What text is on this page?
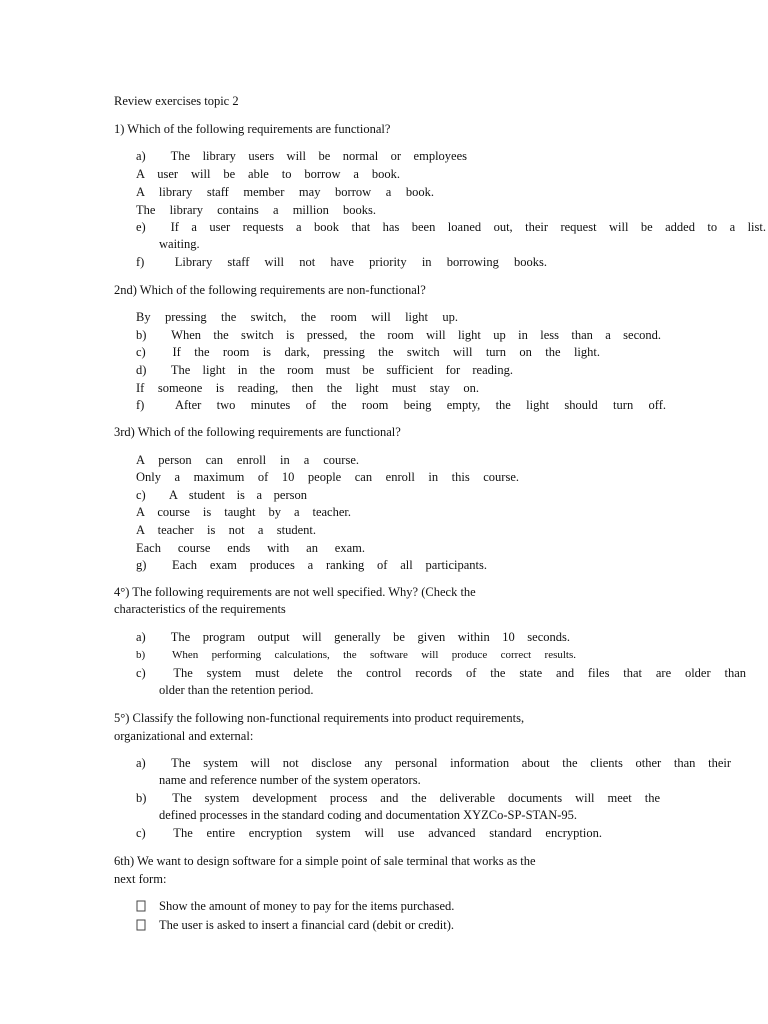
Review exercises topic 2
1) Which of the following requirements are functional?
a)  The library users will be normal or employees
A user will be able to borrow a book.
A library staff member may borrow a book.
The library contains a million books.
e)  If a user requests a book that has been loaned out, their request will be added to a list.
waiting.
f)  Library staff will not have priority in borrowing books.
2nd) Which of the following requirements are non-functional?
By pressing the switch, the room will light up.
b)  When the switch is pressed, the room will light up in less than a second.
c)  If the room is dark, pressing the switch will turn on the light.
d)  The light in the room must be sufficient for reading.
If someone is reading, then the light must stay on.
f)  After two minutes of the room being empty, the light should turn off.
3rd) Which of the following requirements are functional?
A person can enroll in a course.
Only a maximum of 10 people can enroll in this course.
c)  A student is a person
A course is taught by a teacher.
A teacher is not a student.
Each course ends with an exam.
g)  Each exam produces a ranking of all participants.
4°) The following requirements are not well specified. Why? (Check the
characteristics of the requirements
a)  The program output will generally be given within 10 seconds.
b)  When performing calculations, the software will produce correct results.
c)  The system must delete the control records of the state and files that are older than
older than the retention period.
5°) Classify the following non-functional requirements into product requirements,
organizational and external:
a)  The system will not disclose any personal information about the clients other than their
name and reference number of the system operators.
b)  The system development process and the deliverable documents will meet the
defined processes in the standard coding and documentation XYZCo-SP-STAN-95.
c)  The entire encryption system will use advanced standard encryption.
6th) We want to design software for a simple point of sale terminal that works as the
next form:
Show the amount of money to pay for the items purchased.
The user is asked to insert a financial card (debit or credit).
